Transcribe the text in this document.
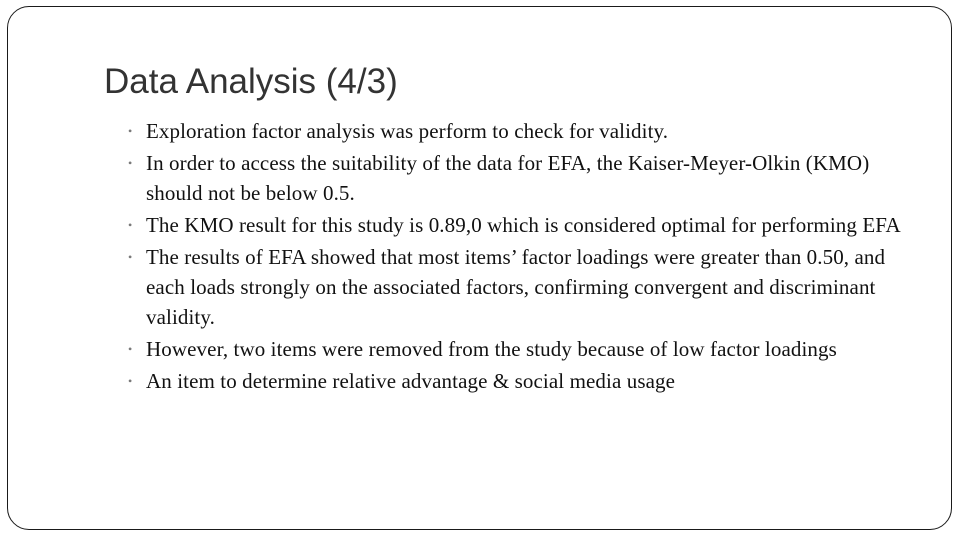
Data Analysis (4/3)
• Exploration factor analysis was perform to check for validity.
• In order to access the suitability of the data for EFA, the Kaiser-Meyer-Olkin (KMO) should not be below 0.5.
• The KMO result for this study is 0.89,0 which is considered optimal for performing EFA
• The results of EFA showed that most items’ factor loadings were greater than 0.50, and each loads strongly on the associated factors, confirming convergent and discriminant validity.
• However, two items were removed from the study because of low factor loadings
• An item to determine relative advantage & social media usage
